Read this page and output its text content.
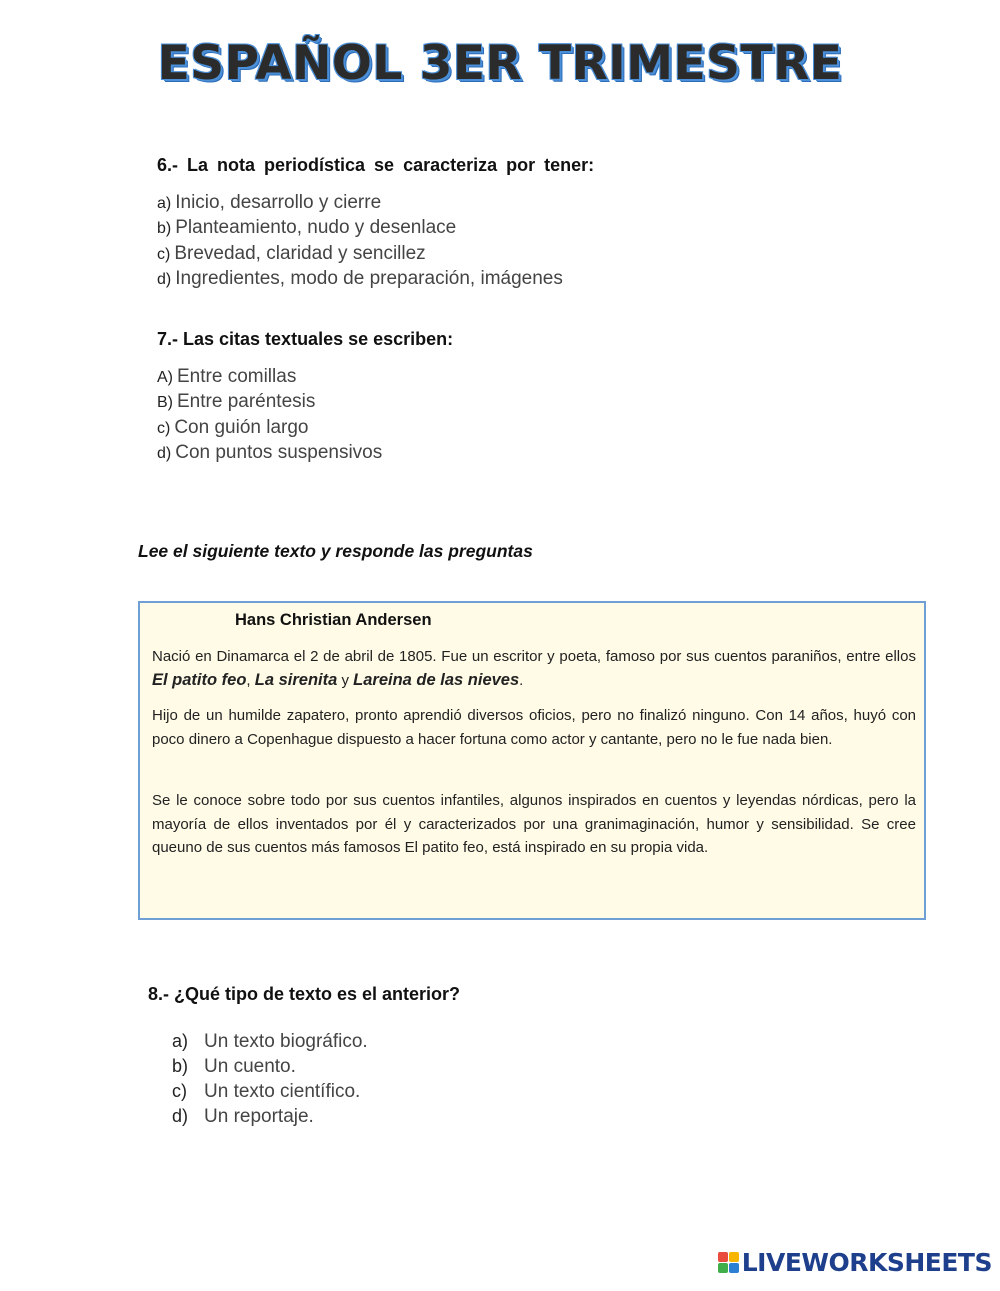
ESPAÑOL 3ER TRIMESTRE
6.- La nota periodística se caracteriza por tener:
a) Inicio, desarrollo y cierre
b) Planteamiento, nudo y desenlace
c) Brevedad, claridad y sencillez
d) Ingredientes, modo de preparación, imágenes
7.- Las citas textuales se escriben:
A) Entre comillas
B) Entre paréntesis
c) Con guión largo
d) Con puntos suspensivos
Lee el siguiente texto y responde las preguntas
Hans Christian Andersen

Nació en Dinamarca el 2 de abril de 1805. Fue un escritor y poeta, famoso por sus cuentos paraniños, entre ellos El patito feo, La sirenita y Lareina de las nieves.

Hijo de un humilde zapatero, pronto aprendió diversos oficios, pero no finalizó ninguno. Con 14 años, huyó con poco dinero a Copenhague dispuesto a hacer fortuna como actor y cantante, pero no le fue nada bien.

Se le conoce sobre todo por sus cuentos infantiles, algunos inspirados en cuentos y leyendas nórdicas, pero la mayoría de ellos inventados por él y caracterizados por una granimaginación, humor y sensibilidad. Se cree queuno de sus cuentos más famosos El patito feo, está inspirado en su propia vida.

8.- ¿Qué tipo de texto es el anterior?
a) Un texto biográfico.
b) Un cuento.
c) Un texto científico.
d) Un reportaje.
LIVEWORKSHEETS
